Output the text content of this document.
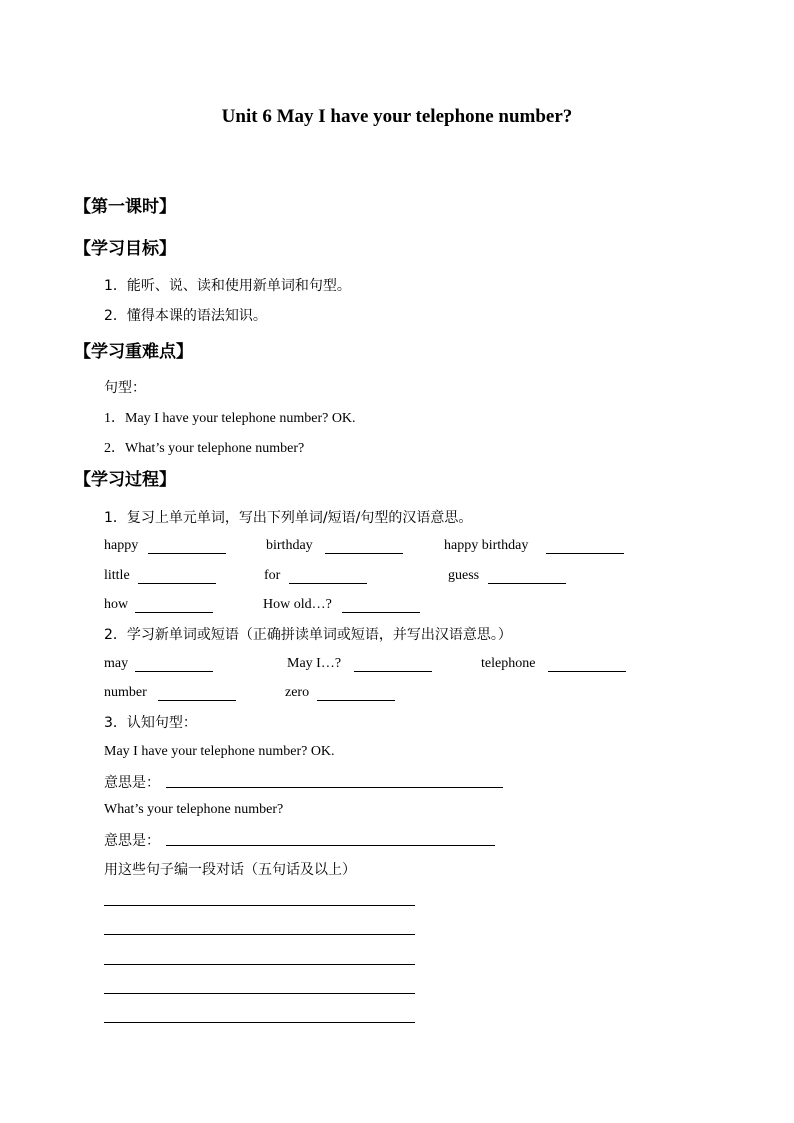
Unit 6 May I have your telephone number?
【第一课时】
【学习目标】
1．能听、说、读和使用新单词和句型。
2．懂得本课的语法知识。
【学习重难点】
句型：
1．May I have your telephone number? OK.
2．What’s your telephone number?
【学习过程】
1．复习上单元单词，写出下列单词/短语/句型的汉语意思。
happy	birthday	happy birthday
little	for	guess
how	How old…?
2．学习新单词或短语（正确拼读单词或短语，并写出汉语意思。）
may	May I…?	telephone
number	zero
3．认知句型：
May I have your telephone number? OK.
意思是：
What’s your telephone number?
意思是：
用这些句子编一段对话（五句话及以上）
